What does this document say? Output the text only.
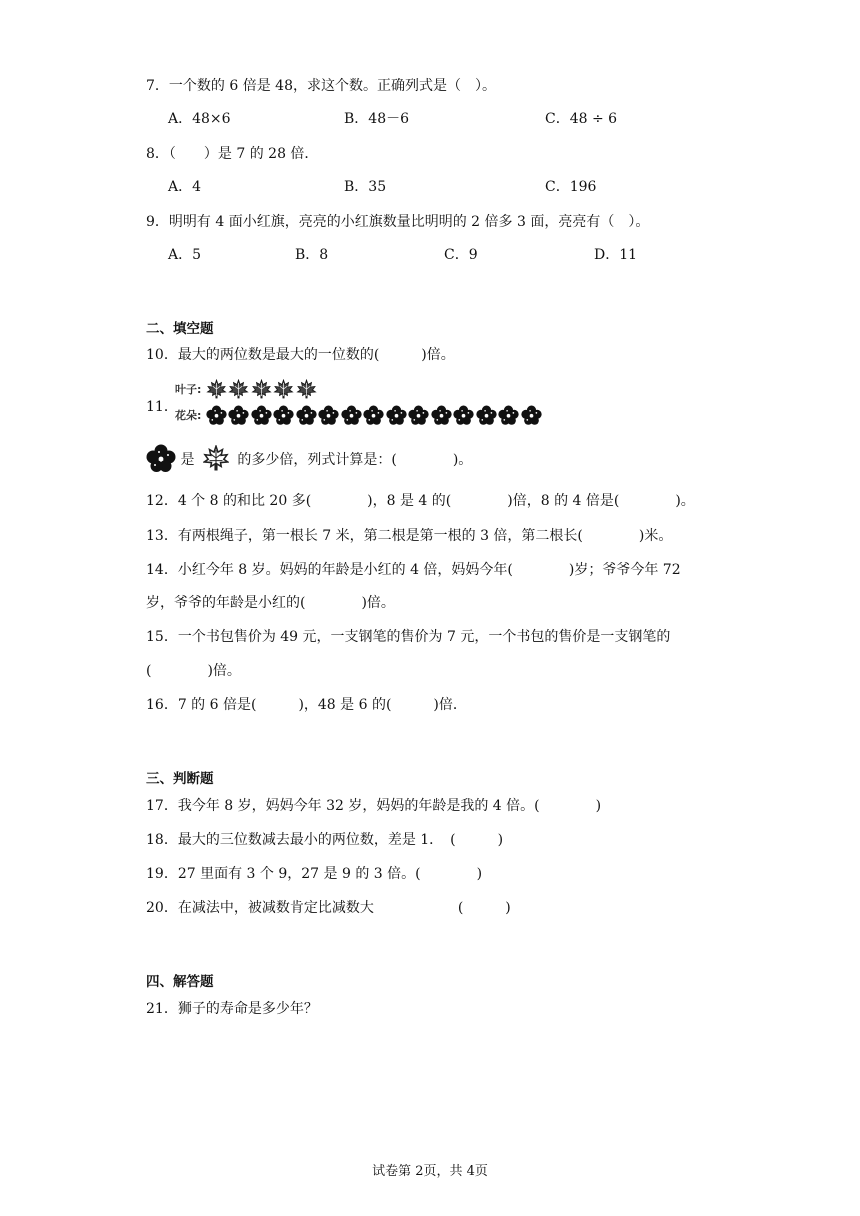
7．一个数的 6 倍是 48，求这个数。正确列式是（　）。
A．48×6	B．48－6	C．48 ÷ 6
8．（　　）是 7 的 28 倍．
A．4	B．35	C．196
9．明明有 4 面小红旗，亮亮的小红旗数量比明明的 2 倍多 3 面，亮亮有（　）。
A．5	B．8	C．9	D．11
二、填空题
10．最大的两位数是最大的一位数的(　　　)倍。
11．
叶子:
花朵:
是	的多少倍，列式计算是：(　　　　)。
12．4 个 8 的和比 20 多(　　　　)，8 是 4 的(　　　　)倍，8 的 4 倍是(　　　　)。
13．有两根绳子，第一根长 7 米，第二根是第一根的 3 倍，第二根长(　　　　)米。
14．小红今年 8 岁。妈妈的年龄是小红的 4 倍，妈妈今年(　　　　)岁；爷爷今年 72
岁，爷爷的年龄是小红的(　　　　)倍。
15．一个书包售价为 49 元，一支钢笔的售价为 7 元，一个书包的售价是一支钢笔的
(　　　　)倍。
16．7 的 6 倍是(　　　)，48 是 6 的(　　　)倍．
三、判断题
17．我今年 8 岁，妈妈今年 32 岁，妈妈的年龄是我的 4 倍。(　　　　)
18．最大的三位数减去最小的两位数，差是 1．　(　　　)
19．27 里面有 3 个 9，27 是 9 的 3 倍。(　　　　)
20．在减法中，被减数肯定比减数大　　　　　　(　　　)
四、解答题
21．狮子的寿命是多少年？
试卷第 2页，共 4页
